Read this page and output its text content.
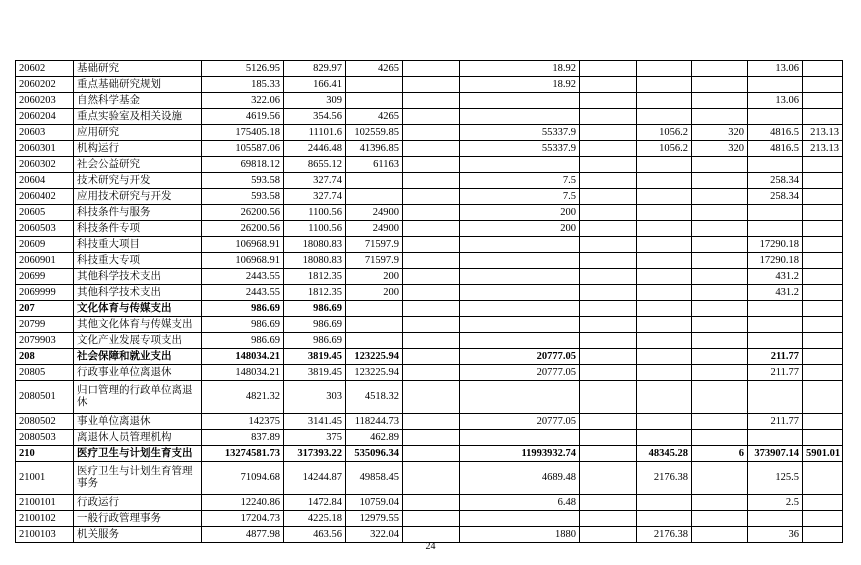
20602	基础研究	5126.95	829.97	4265		18.92				13.06	
2060202	重点基础研究规划	185.33	166.41			18.92					
2060203	自然科学基金	322.06	309							13.06	
2060204	重点实验室及相关设施	4619.56	354.56	4265							
20603	应用研究	175405.18	11101.6	102559.85		55337.9		1056.2	320	4816.5	213.13
2060301	机构运行	105587.06	2446.48	41396.85		55337.9		1056.2	320	4816.5	213.13
2060302	社会公益研究	69818.12	8655.12	61163							
20604	技术研究与开发	593.58	327.74			7.5				258.34	
2060402	应用技术研究与开发	593.58	327.74			7.5				258.34	
20605	科技条件与服务	26200.56	1100.56	24900		200					
2060503	科技条件专项	26200.56	1100.56	24900		200					
20609	科技重大项目	106968.91	18080.83	71597.9						17290.18	
2060901	科技重大专项	106968.91	18080.83	71597.9						17290.18	
20699	其他科学技术支出	2443.55	1812.35	200						431.2	
2069999	其他科学技术支出	2443.55	1812.35	200						431.2	
207	文化体育与传媒支出	986.69	986.69								
20799	其他文化体育与传媒支出	986.69	986.69								
2079903	文化产业发展专项支出	986.69	986.69								
208	社会保障和就业支出	148034.21	3819.45	123225.94		20777.05				211.77	
20805	行政事业单位离退休	148034.21	3819.45	123225.94		20777.05				211.77	
2080501	归口管理的行政单位离退休	4821.32	303	4518.32							
2080502	事业单位离退休	142375	3141.45	118244.73		20777.05				211.77	
2080503	离退休人员管理机构	837.89	375	462.89							
210	医疗卫生与计划生育支出	13274581.73	317393.22	535096.34		11993932.74		48345.28	6	373907.14	5901.01
21001	医疗卫生与计划生育管理事务	71094.68	14244.87	49858.45		4689.48		2176.38		125.5	
2100101	行政运行	12240.86	1472.84	10759.04		6.48				2.5	
2100102	一般行政管理事务	17204.73	4225.18	12979.55							
2100103	机关服务	4877.98	463.56	322.04		1880		2176.38		36	
24
